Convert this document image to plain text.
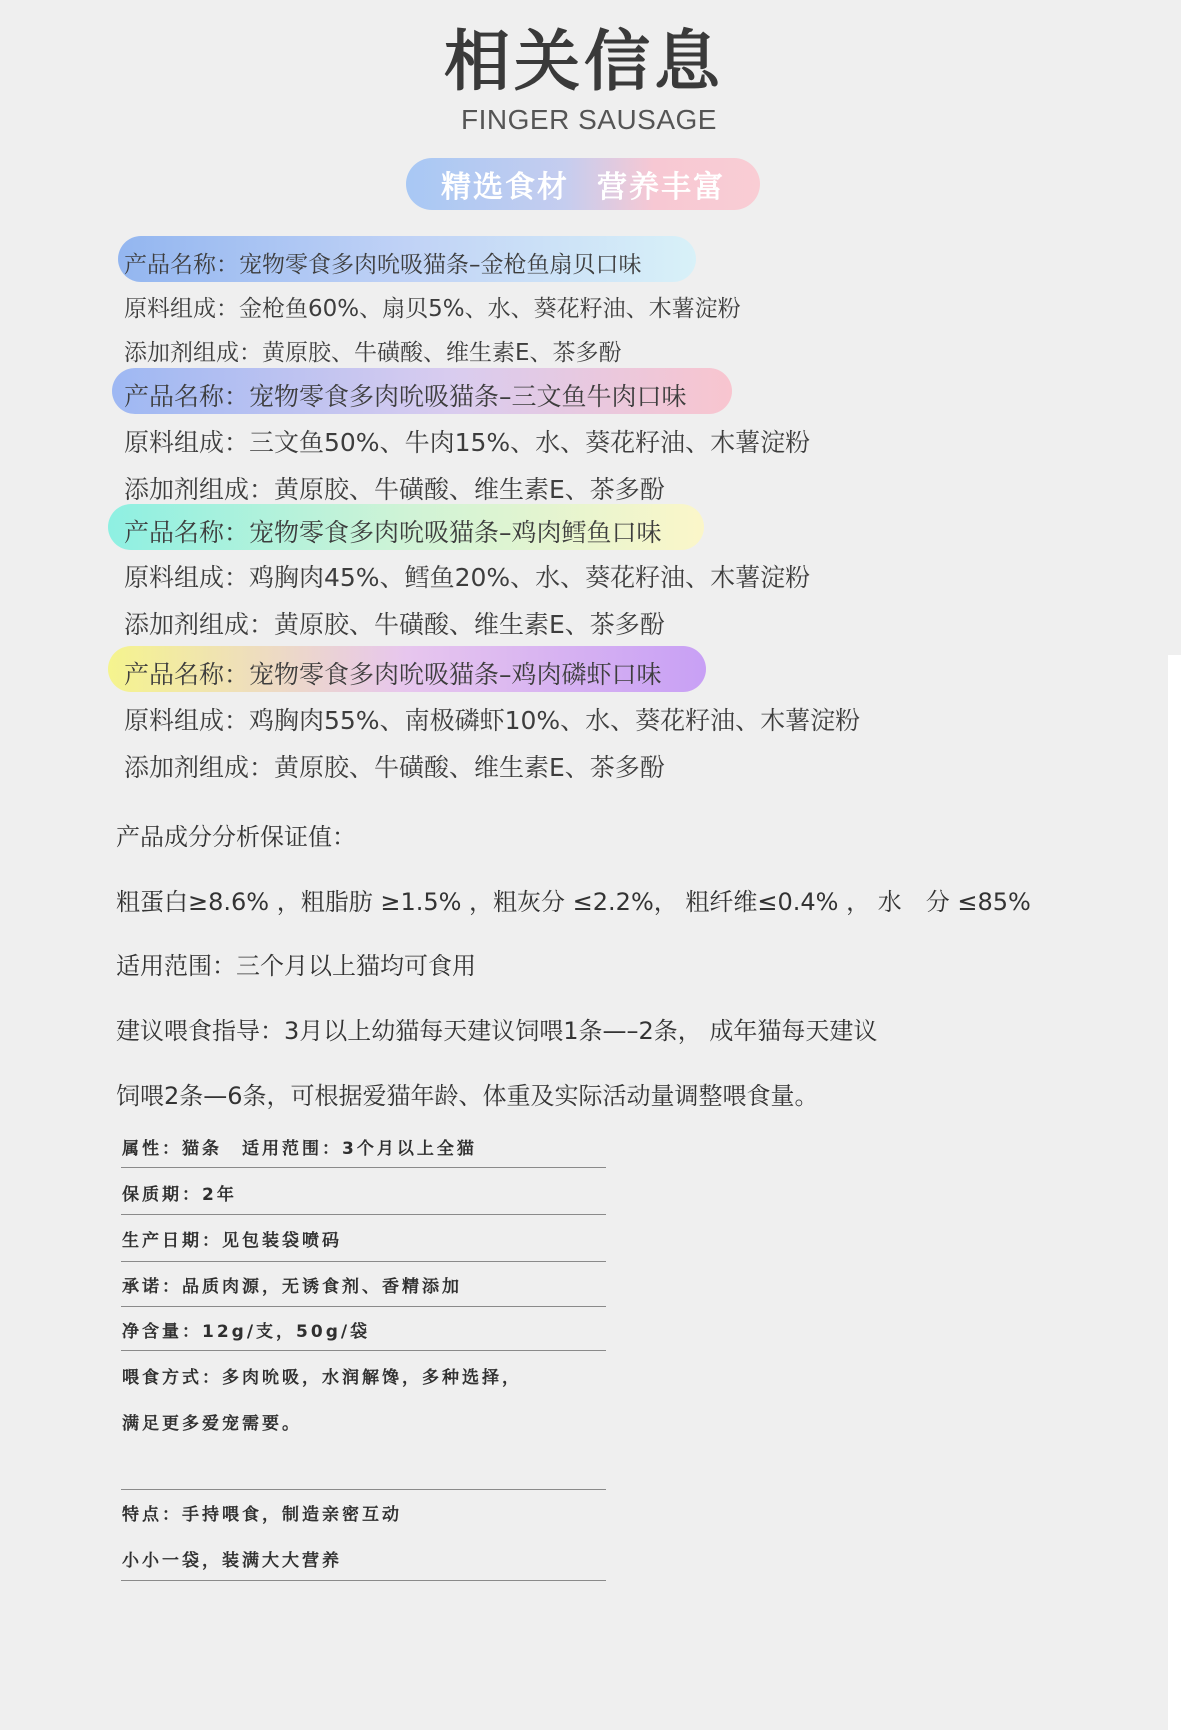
相关信息
FINGER SAUSAGE
精选食材 营养丰富
产品名称：宠物零食多肉吮吸猫条–金枪鱼扇贝口味
原料组成：金枪鱼60%、扇贝5%、水、葵花籽油、木薯淀粉
添加剂组成：黄原胶、牛磺酸、维生素E、茶多酚
产品名称：宠物零食多肉吮吸猫条–三文鱼牛肉口味
原料组成：三文鱼50%、牛肉15%、水、葵花籽油、木薯淀粉
添加剂组成：黄原胶、牛磺酸、维生素E、茶多酚
产品名称：宠物零食多肉吮吸猫条–鸡肉鳕鱼口味
原料组成：鸡胸肉45%、鳕鱼20%、水、葵花籽油、木薯淀粉
添加剂组成：黄原胶、牛磺酸、维生素E、茶多酚
产品名称：宠物零食多肉吮吸猫条–鸡肉磷虾口味
原料组成：鸡胸肉55%、南极磷虾10%、水、葵花籽油、木薯淀粉
添加剂组成：黄原胶、牛磺酸、维生素E、茶多酚
产品成分分析保证值：
粗蛋白≥8.6% ，粗脂肪 ≥1.5% ，粗灰分 ≤2.2%， 粗纤维≤0.4% ， 水　分 ≤85%
适用范围：三个月以上猫均可食用
建议喂食指导：3月以上幼猫每天建议饲喂1条—–2条， 成年猫每天建议
饲喂2条—6条，可根据爱猫年龄、体重及实际活动量调整喂食量。
属性：猫条　适用范围：3个月以上全猫
保质期：2年
生产日期：见包装袋喷码
承诺：品质肉源，无诱食剂、香精添加
净含量：12g/支，50g/袋
喂食方式：多肉吮吸，水润解馋，多种选择，
满足更多爱宠需要。
特点：手持喂食，制造亲密互动
小小一袋，装满大大营养
